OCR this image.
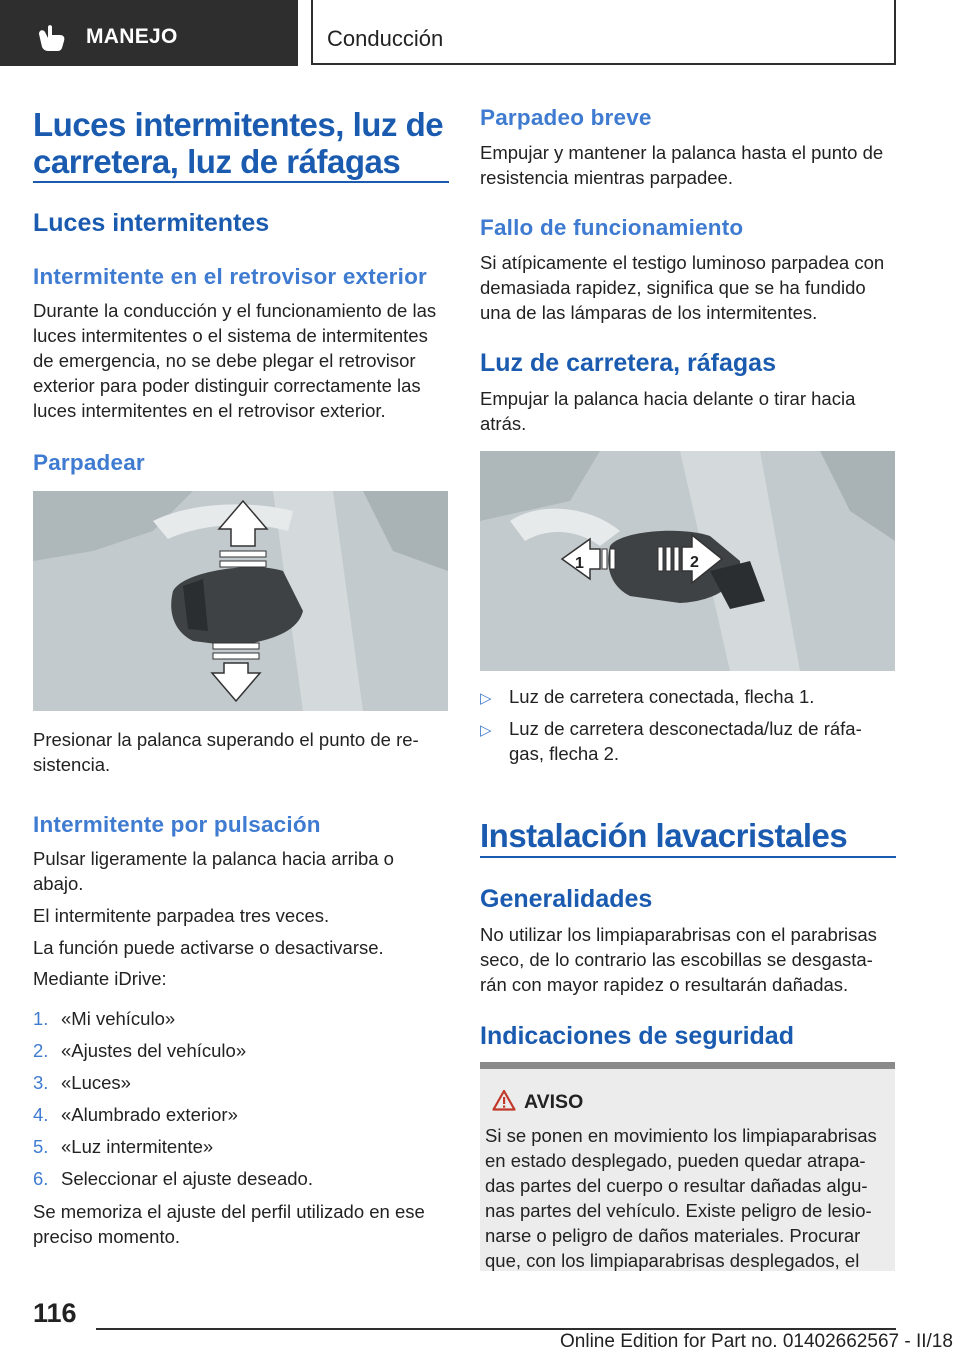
MANEJO	Conducción
Luces intermitentes, luz de
carretera, luz de ráfagas
Luces intermitentes
Intermitente en el retrovisor exterior
Durante la conducción y el funcionamiento de las
luces intermitentes o el sistema de intermitentes
de emergencia, no se debe plegar el retrovisor
exterior para poder distinguir correctamente las
luces intermitentes en el retrovisor exterior.
Parpadear
Presionar la palanca superando el punto de re-
sistencia.
Intermitente por pulsación
Pulsar ligeramente la palanca hacia arriba o
abajo.
El intermitente parpadea tres veces.
La función puede activarse o desactivarse.
Mediante iDrive:
1. «Mi vehículo»
2. «Ajustes del vehículo»
3. «Luces»
4. «Alumbrado exterior»
5. «Luz intermitente»
6. Seleccionar el ajuste deseado.
Se memoriza el ajuste del perfil utilizado en ese
preciso momento.
Parpadeo breve
Empujar y mantener la palanca hasta el punto de
resistencia mientras parpadee.
Fallo de funcionamiento
Si atípicamente el testigo luminoso parpadea con
demasiada rapidez, significa que se ha fundido
una de las lámparas de los intermitentes.
Luz de carretera, ráfagas
Empujar la palanca hacia delante o tirar hacia
atrás.
1	2
▷ Luz de carretera conectada, flecha 1.
▷ Luz de carretera desconectada/luz de ráfa-
gas, flecha 2.
Instalación lavacristales
Generalidades
No utilizar los limpiaparabrisas con el parabrisas
seco, de lo contrario las escobillas se desgasta-
rán con mayor rapidez o resultarán dañadas.
Indicaciones de seguridad
AVISO
Si se ponen en movimiento los limpiaparabrisas
en estado desplegado, pueden quedar atrapa-
das partes del cuerpo o resultar dañadas algu-
nas partes del vehículo. Existe peligro de lesio-
narse o peligro de daños materiales. Procurar
que, con los limpiaparabrisas desplegados, el
116
Online Edition for Part no. 01402662567 - II/18
